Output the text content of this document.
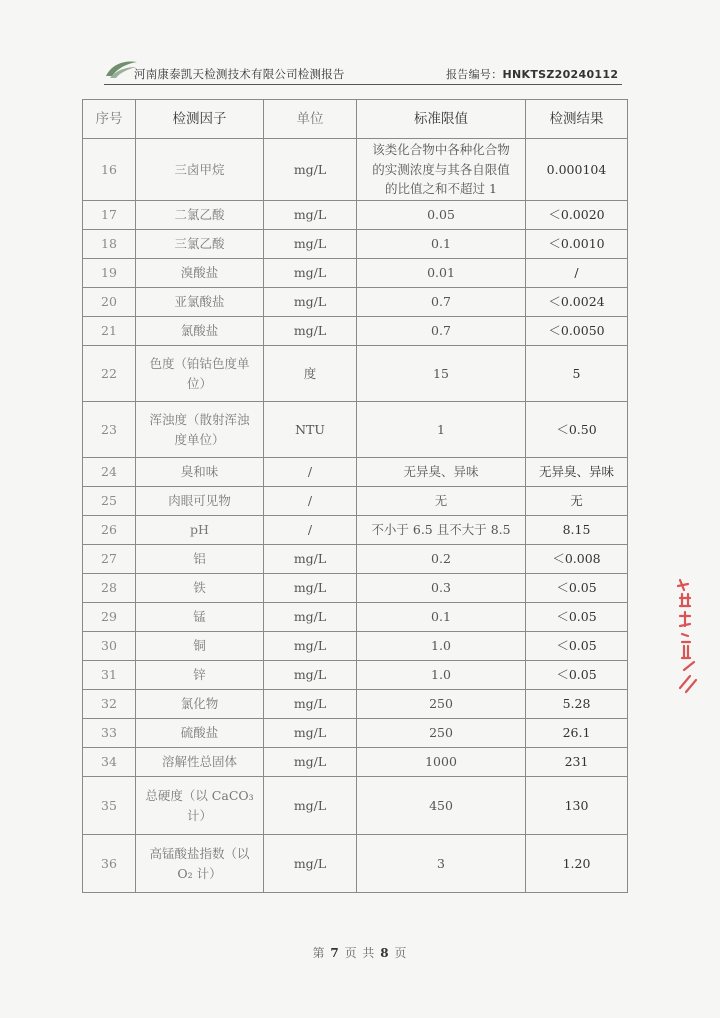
河南康泰凯天检测技术有限公司检测报告	报告编号：HNKTSZ20240112
序号	检测因子	单位	标准限值	检测结果
16	三卤甲烷	mg/L	该类化合物中各种化合物的实测浓度与其各自限值的比值之和不超过 1	0.000104
17	二氯乙酸	mg/L	0.05	＜0.0020
18	三氯乙酸	mg/L	0.1	＜0.0010
19	溴酸盐	mg/L	0.01	/
20	亚氯酸盐	mg/L	0.7	＜0.0024
21	氯酸盐	mg/L	0.7	＜0.0050
22	色度（铂钴色度单位）	度	15	5
23	浑浊度（散射浑浊度单位）	NTU	1	＜0.50
24	臭和味	/	无异臭、异味	无异臭、异味
25	肉眼可见物	/	无	无
26	pH	/	不小于 6.5 且不大于 8.5	8.15
27	铝	mg/L	0.2	＜0.008
28	铁	mg/L	0.3	＜0.05
29	锰	mg/L	0.1	＜0.05
30	铜	mg/L	1.0	＜0.05
31	锌	mg/L	1.0	＜0.05
32	氯化物	mg/L	250	5.28
33	硫酸盐	mg/L	250	26.1
34	溶解性总固体	mg/L	1000	231
35	总硬度（以 CaCO₃ 计）	mg/L	450	130
36	高锰酸盐指数（以 O₂ 计）	mg/L	3	1.20
第 7 页 共 8 页
